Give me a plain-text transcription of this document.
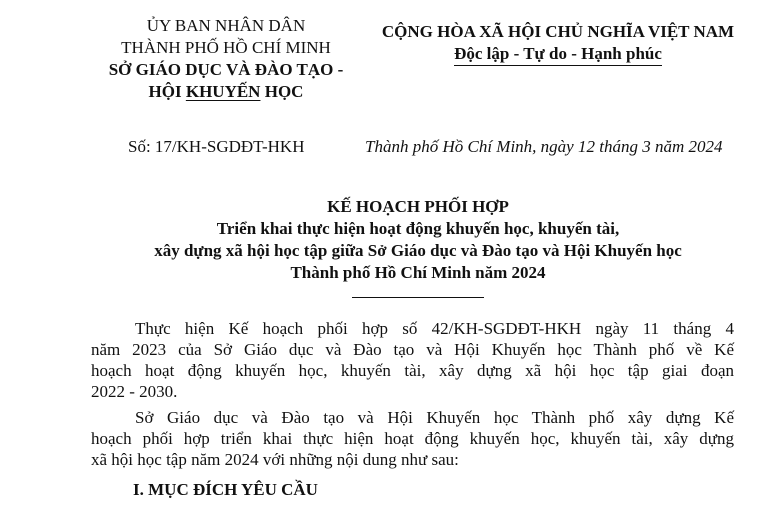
ỦY BAN NHÂN DÂN
THÀNH PHỐ HỒ CHÍ MINH
SỞ GIÁO DỤC VÀ ĐÀO TẠO -
HỘI KHUYẾN HỌC
CỘNG HÒA XÃ HỘI CHỦ NGHĨA VIỆT NAM
Độc lập - Tự do - Hạnh phúc
Số: 17/KH-SGDĐT-HKH	Thành phố Hồ Chí Minh, ngày 12 tháng 3 năm 2024
KẾ HOẠCH PHỐI HỢP
Triển khai thực hiện hoạt động khuyến học, khuyến tài,
xây dựng xã hội học tập giữa Sở Giáo dục và Đào tạo và Hội Khuyến học
Thành phố Hồ Chí Minh năm 2024
Thực hiện Kế hoạch phối hợp số 42/KH-SGDĐT-HKH ngày 11 tháng 4
năm 2023 của Sở Giáo dục và Đào tạo và Hội Khuyến học Thành phố về Kế
hoạch hoạt động khuyến học, khuyến tài, xây dựng xã hội học tập giai đoạn
2022 - 2030.
Sở Giáo dục và Đào tạo và Hội Khuyến học Thành phố xây dựng Kế
hoạch phối hợp triển khai thực hiện hoạt động khuyến học, khuyến tài, xây dựng
xã hội học tập năm 2024 với những nội dung như sau:
I. MỤC ĐÍCH YÊU CẦU
